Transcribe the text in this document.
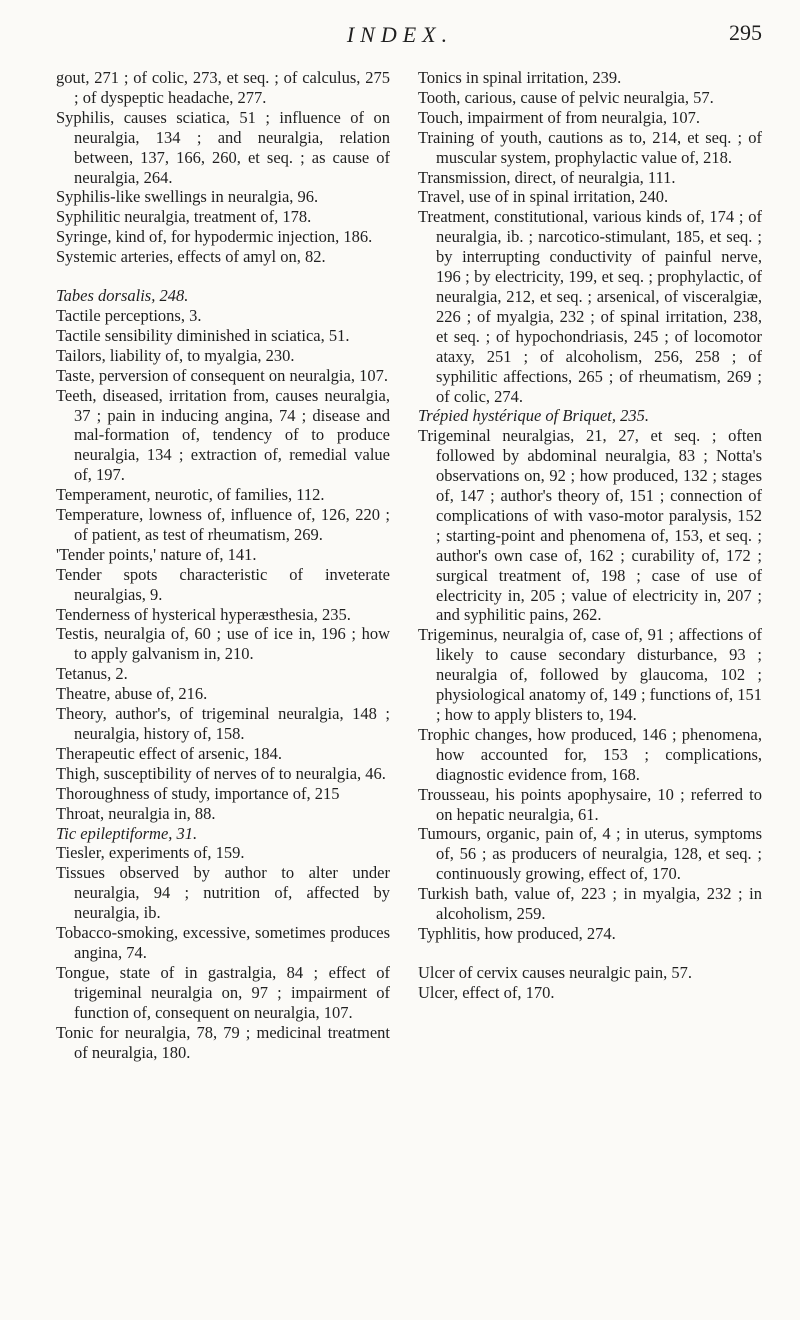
INDEX.	295
gout, 271 ; of colic, 273, et seq. ; of calculus, 275 ; of dyspeptic headache, 277.
Syphilis, causes sciatica, 51 ; influence of on neuralgia, 134 ; and neuralgia, relation between, 137, 166, 260, et seq. ; as cause of neuralgia, 264.
Syphilis-like swellings in neuralgia, 96.
Syphilitic neuralgia, treatment of, 178.
Syringe, kind of, for hypodermic injection, 186.
Systemic arteries, effects of amyl on, 82.
Tabes dorsalis, 248.
Tactile perceptions, 3.
Tactile sensibility diminished in sciatica, 51.
Tailors, liability of, to myalgia, 230.
Taste, perversion of consequent on neuralgia, 107.
Teeth, diseased, irritation from, causes neuralgia, 37 ; pain in inducing angina, 74 ; disease and mal-formation of, tendency of to produce neuralgia, 134 ; extraction of, remedial value of, 197.
Temperament, neurotic, of families, 112.
Temperature, lowness of, influence of, 126, 220 ; of patient, as test of rheumatism, 269.
'Tender points,' nature of, 141.
Tender spots characteristic of inveterate neuralgias, 9.
Tenderness of hysterical hyperæsthesia, 235.
Testis, neuralgia of, 60 ; use of ice in, 196 ; how to apply galvanism in, 210.
Tetanus, 2.
Theatre, abuse of, 216.
Theory, author's, of trigeminal neuralgia, 148 ; neuralgia, history of, 158.
Therapeutic effect of arsenic, 184.
Thigh, susceptibility of nerves of to neuralgia, 46.
Thoroughness of study, importance of, 215
Throat, neuralgia in, 88.
Tic epileptiforme, 31.
Tiesler, experiments of, 159.
Tissues observed by author to alter under neuralgia, 94 ; nutrition of, affected by neuralgia, ib.
Tobacco-smoking, excessive, sometimes produces angina, 74.
Tongue, state of in gastralgia, 84 ; effect of trigeminal neuralgia on, 97 ; impairment of function of, consequent on neuralgia, 107.
Tonic for neuralgia, 78, 79 ; medicinal treatment of neuralgia, 180.
Tonics in spinal irritation, 239.
Tooth, carious, cause of pelvic neuralgia, 57.
Touch, impairment of from neuralgia, 107.
Training of youth, cautions as to, 214, et seq. ; of muscular system, prophylactic value of, 218.
Transmission, direct, of neuralgia, 111.
Travel, use of in spinal irritation, 240.
Treatment, constitutional, various kinds of, 174 ; of neuralgia, ib. ; narcotico-stimulant, 185, et seq. ; by interrupting conductivity of painful nerve, 196 ; by electricity, 199, et seq. ; prophylactic, of neuralgia, 212, et seq. ; arsenical, of visceralgiæ, 226 ; of myalgia, 232 ; of spinal irritation, 238, et seq. ; of hypochondriasis, 245 ; of locomotor ataxy, 251 ; of alcoholism, 256, 258 ; of syphilitic affections, 265 ; of rheumatism, 269 ; of colic, 274.
Trépied hystérique of Briquet, 235.
Trigeminal neuralgias, 21, 27, et seq. ; often followed by abdominal neuralgia, 83 ; Notta's observations on, 92 ; how produced, 132 ; stages of, 147 ; author's theory of, 151 ; connection of complications of with vaso-motor paralysis, 152 ; starting-point and phenomena of, 153, et seq. ; author's own case of, 162 ; curability of, 172 ; surgical treatment of, 198 ; case of use of electricity in, 205 ; value of electricity in, 207 ; and syphilitic pains, 262.
Trigeminus, neuralgia of, case of, 91 ; affections of likely to cause secondary disturbance, 93 ; neuralgia of, followed by glaucoma, 102 ; physiological anatomy of, 149 ; functions of, 151 ; how to apply blisters to, 194.
Trophic changes, how produced, 146 ; phenomena, how accounted for, 153 ; complications, diagnostic evidence from, 168.
Trousseau, his points apophysaire, 10 ; referred to on hepatic neuralgia, 61.
Tumours, organic, pain of, 4 ; in uterus, symptoms of, 56 ; as producers of neuralgia, 128, et seq. ; continuously growing, effect of, 170.
Turkish bath, value of, 223 ; in myalgia, 232 ; in alcoholism, 259.
Typhlitis, how produced, 274.
Ulcer of cervix causes neuralgic pain, 57.
Ulcer, effect of, 170.
